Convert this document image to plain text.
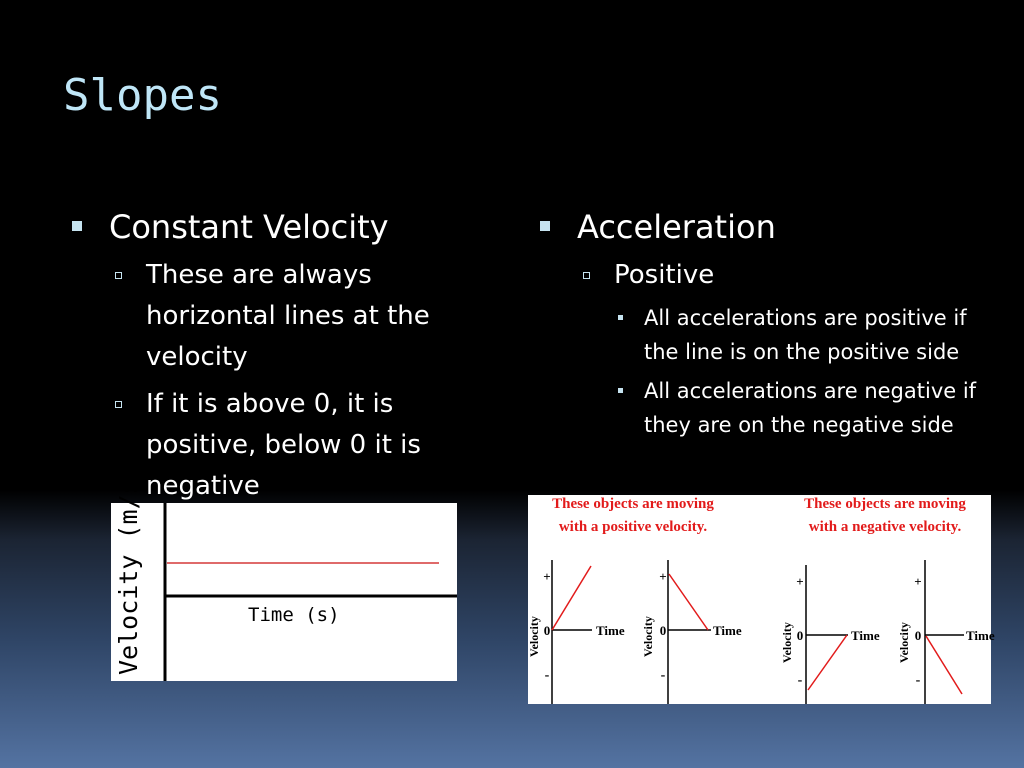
Slopes
Constant Velocity
These are always horizontal lines at the velocity
If it is above 0, it is positive, below 0 it is negative
Acceleration
Positive
All accelerations are positive if the line is on the positive side
All accelerations are negative if they are on the negative side
Velocity (m/s)	Time (s)
These objects are moving
with a positive velocity.
These objects are moving
with a negative velocity.
+
0
-
Time
Velocity
+
0
-
Time
Velocity
+
0
-
Time
Velocity
+
0
-
Time
Velocity
